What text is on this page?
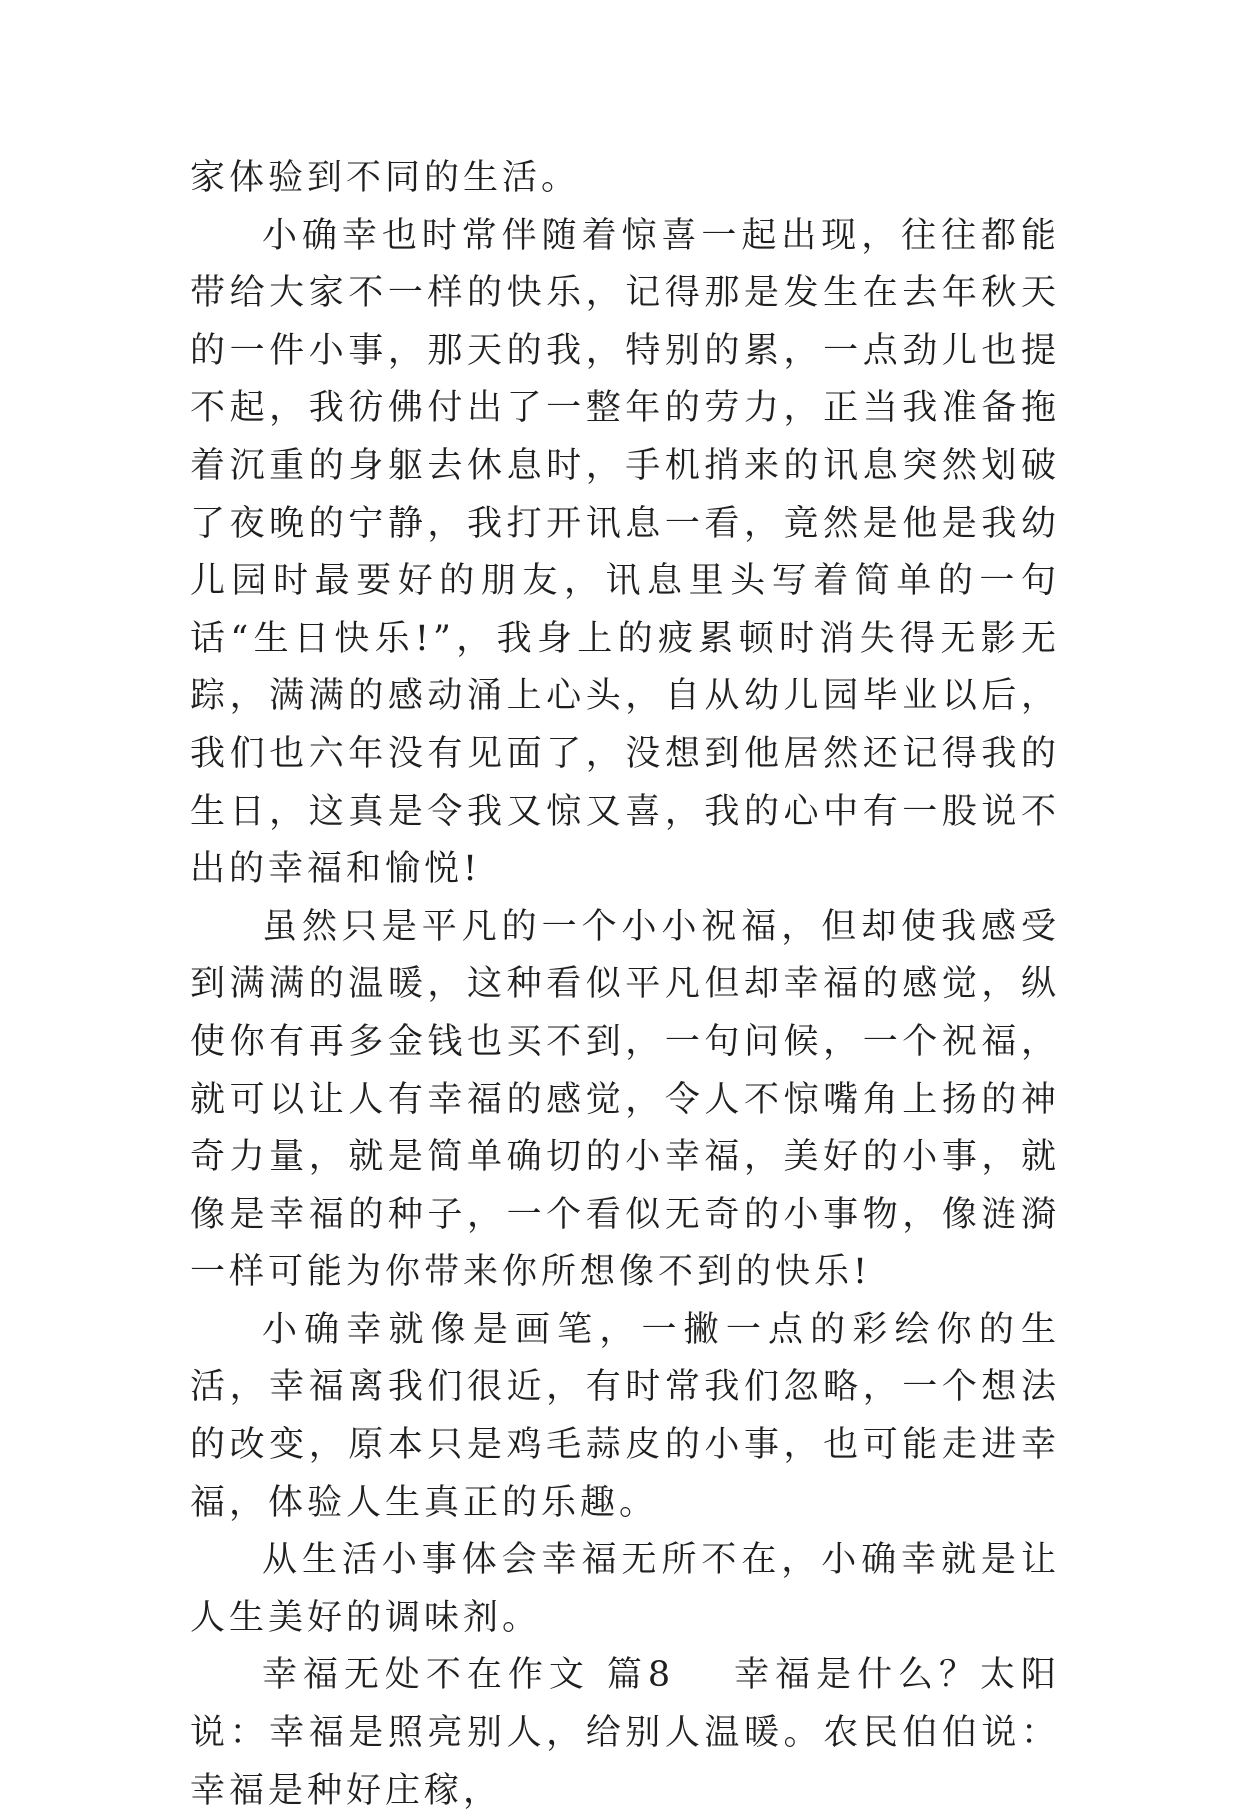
家体验到不同的生活。

小确幸也时常伴随着惊喜一起出现，往往都能带给大家不一样的快乐，记得那是发生在去年秋天的一件小事，那天的我，特别的累，一点劲儿也提不起，我彷佛付出了一整年的劳力，正当我准备拖着沉重的身躯去休息时，手机捎来的讯息突然划破了夜晚的宁静，我打开讯息一看，竟然是他是我幼儿园时最要好的朋友，讯息里头写着简单的一句话“生日快乐!”，我身上的疲累顿时消失得无影无踪，满满的感动涌上心头，自从幼儿园毕业以后，我们也六年没有见面了，没想到他居然还记得我的生日，这真是令我又惊又喜，我的心中有一股说不出的幸福和愉悦!

虽然只是平凡的一个小小祝福，但却使我感受到满满的温暖，这种看似平凡但却幸福的感觉，纵使你有再多金钱也买不到，一句问候，一个祝福，就可以让人有幸福的感觉，令人不惊嘴角上扬的神奇力量，就是简单确切的小幸福，美好的小事，就像是幸福的种子，一个看似无奇的小事物，像涟漪一样可能为你带来你所想像不到的快乐!

小确幸就像是画笔，一撇一点的彩绘你的生活，幸福离我们很近，有时常我们忽略，一个想法的改变，原本只是鸡毛蒜皮的小事，也可能走进幸福，体验人生真正的乐趣。

从生活小事体会幸福无所不在，小确幸就是让人生美好的调味剂。

幸福无处不在作文 篇8 幸福是什么？太阳说：幸福是照亮别人，给别人温暖。农民伯伯说：幸福是种好庄稼，
